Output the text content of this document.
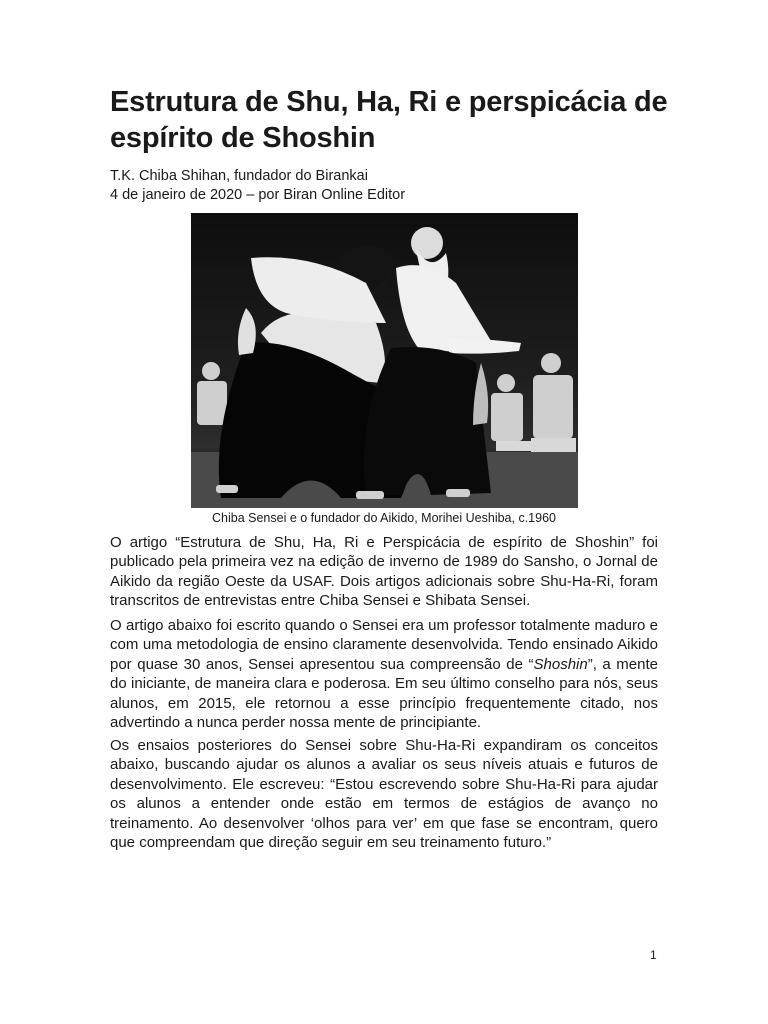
Estrutura de Shu, Ha, Ri e perspicácia de espírito de Shoshin
T.K. Chiba Shihan, fundador do Birankai
4 de janeiro de 2020 – por Biran Online Editor
Chiba Sensei e o fundador do Aikido, Morihei Ueshiba, c.1960

O artigo “Estrutura de Shu, Ha, Ri e Perspicácia de espírito de Shoshin” foi publicado pela primeira vez na edição de inverno de 1989 do Sansho, o Jornal de Aikido da região Oeste da USAF. Dois artigos adicionais sobre Shu-Ha-Ri, foram transcritos de entrevistas entre Chiba Sensei e Shibata Sensei.

O artigo abaixo foi escrito quando o Sensei era um professor totalmente maduro e com uma metodologia de ensino claramente desenvolvida. Tendo ensinado Aikido por quase 30 anos, Sensei apresentou sua compreensão de “Shoshin”, a mente do iniciante, de maneira clara e poderosa. Em seu último conselho para nós, seus alunos, em 2015, ele retornou a esse princípio frequentemente citado, nos advertindo a nunca perder nossa mente de principiante.

Os ensaios posteriores do Sensei sobre Shu-Ha-Ri expandiram os conceitos abaixo, buscando ajudar os alunos a avaliar os seus níveis atuais e futuros de desenvolvimento. Ele escreveu: “Estou escrevendo sobre Shu-Ha-Ri para ajudar os alunos a entender onde estão em termos de estágios de avanço no treinamento. Ao desenvolver ‘olhos para ver’ em que fase se encontram, quero que compreendam que direção seguir em seu treinamento futuro.”

1
